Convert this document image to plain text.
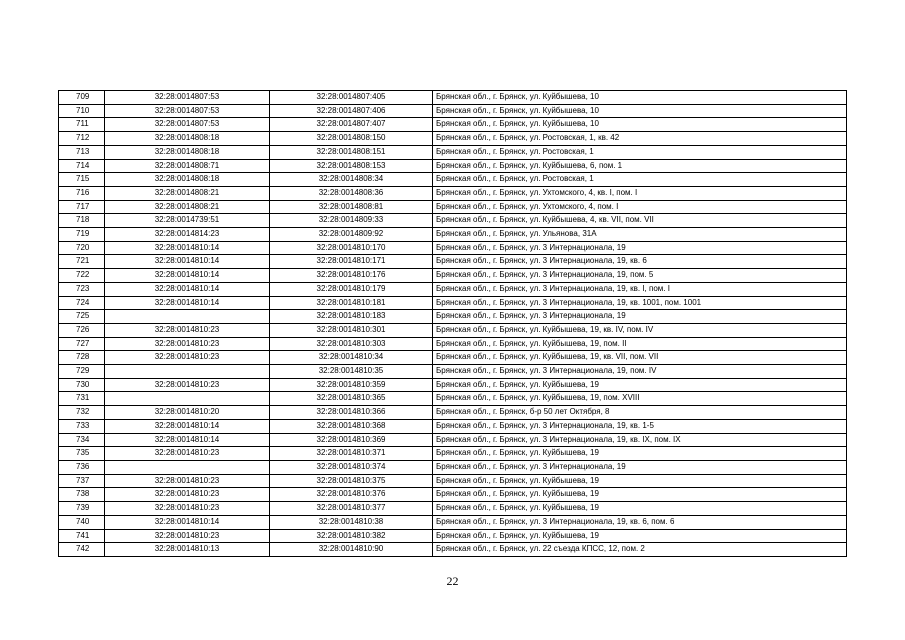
709	32:28:0014807:53	32:28:0014807:405	Брянская обл., г. Брянск, ул. Куйбышева, 10
710	32:28:0014807:53	32:28:0014807:406	Брянская обл., г. Брянск, ул. Куйбышева, 10
711	32:28:0014807:53	32:28:0014807:407	Брянская обл., г. Брянск, ул. Куйбышева, 10
712	32:28:0014808:18	32:28:0014808:150	Брянская обл., г. Брянск, ул. Ростовская, 1, кв. 42
713	32:28:0014808:18	32:28:0014808:151	Брянская обл., г. Брянск, ул. Ростовская, 1
714	32:28:0014808:71	32:28:0014808:153	Брянская обл., г. Брянск, ул. Куйбышева, 6, пом. 1
715	32:28:0014808:18	32:28:0014808:34	Брянская обл., г. Брянск, ул. Ростовская, 1
716	32:28:0014808:21	32:28:0014808:36	Брянская обл., г. Брянск, ул. Ухтомского, 4, кв. I, пом. I
717	32:28:0014808:21	32:28:0014808:81	Брянская обл., г. Брянск, ул. Ухтомского, 4, пом. I
718	32:28:0014739:51	32:28:0014809:33	Брянская обл., г. Брянск, ул. Куйбышева, 4, кв. VII, пом. VII
719	32:28:0014814:23	32:28:0014809:92	Брянская обл., г. Брянск, ул. Ульянова, 31А
720	32:28:0014810:14	32:28:0014810:170	Брянская обл., г. Брянск, ул. 3 Интернационала, 19
721	32:28:0014810:14	32:28:0014810:171	Брянская обл., г. Брянск, ул. 3 Интернационала, 19, кв. 6
722	32:28:0014810:14	32:28:0014810:176	Брянская обл., г. Брянск, ул. 3 Интернационала, 19, пом. 5
723	32:28:0014810:14	32:28:0014810:179	Брянская обл., г. Брянск, ул. 3 Интернационала, 19, кв. I, пом. I
724	32:28:0014810:14	32:28:0014810:181	Брянская обл., г. Брянск, ул. 3 Интернационала, 19, кв. 1001, пом. 1001
725		32:28:0014810:183	Брянская обл., г. Брянск, ул. 3 Интернационала, 19
726	32:28:0014810:23	32:28:0014810:301	Брянская обл., г. Брянск, ул. Куйбышева, 19, кв. IV, пом. IV
727	32:28:0014810:23	32:28:0014810:303	Брянская обл., г. Брянск, ул. Куйбышева, 19, пом. II
728	32:28:0014810:23	32:28:0014810:34	Брянская обл., г. Брянск, ул. Куйбышева, 19, кв. VII, пом. VII
729		32:28:0014810:35	Брянская обл., г. Брянск, ул. 3 Интернационала, 19, пом. IV
730	32:28:0014810:23	32:28:0014810:359	Брянская обл., г. Брянск, ул. Куйбышева, 19
731		32:28:0014810:365	Брянская обл., г. Брянск, ул. Куйбышева, 19, пом. XVIII
732	32:28:0014810:20	32:28:0014810:366	Брянская обл., г. Брянск, б-р 50 лет Октября, 8
733	32:28:0014810:14	32:28:0014810:368	Брянская обл., г. Брянск, ул. 3 Интернационала, 19, кв. 1-5
734	32:28:0014810:14	32:28:0014810:369	Брянская обл., г. Брянск, ул. 3 Интернационала, 19, кв. IX, пом. IX
735	32:28:0014810:23	32:28:0014810:371	Брянская обл., г. Брянск, ул. Куйбышева, 19
736		32:28:0014810:374	Брянская обл., г. Брянск, ул. 3 Интернационала, 19
737	32:28:0014810:23	32:28:0014810:375	Брянская обл., г. Брянск, ул. Куйбышева, 19
738	32:28:0014810:23	32:28:0014810:376	Брянская обл., г. Брянск, ул. Куйбышева, 19
739	32:28:0014810:23	32:28:0014810:377	Брянская обл., г. Брянск, ул. Куйбышева, 19
740	32:28:0014810:14	32:28:0014810:38	Брянская обл., г. Брянск, ул. 3 Интернационала, 19, кв. 6, пом. 6
741	32:28:0014810:23	32:28:0014810:382	Брянская обл., г. Брянск, ул. Куйбышева, 19
742	32:28:0014810:13	32:28:0014810:90	Брянская обл., г. Брянск, ул. 22 съезда КПСС, 12, пом. 2
22
